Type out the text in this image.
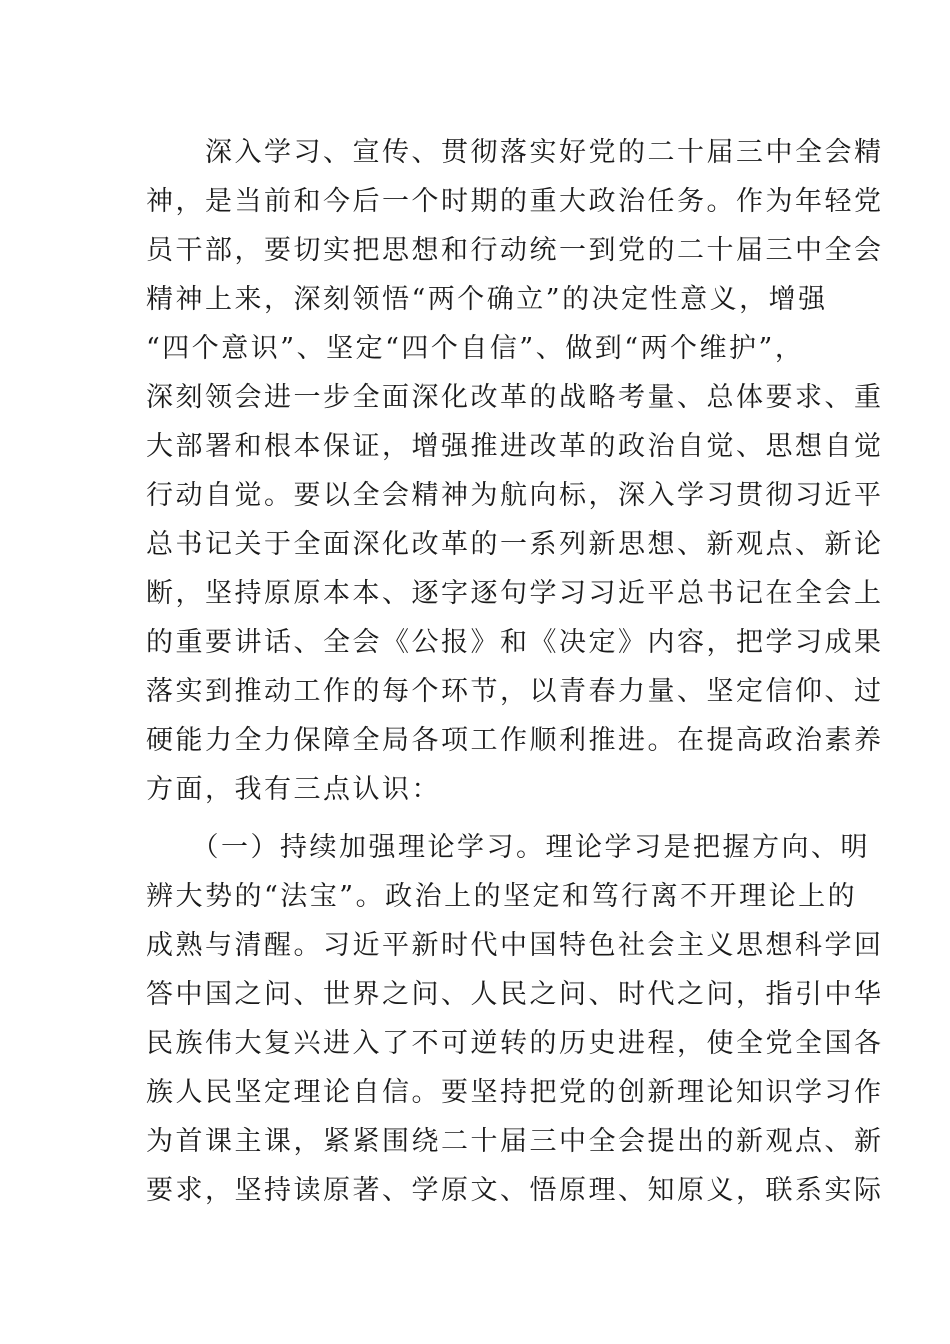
　　深入学习、宣传、贯彻落实好党的二十届三中全会精
神，是当前和今后一个时期的重大政治任务。作为年轻党
员干部，要切实把思想和行动统一到党的二十届三中全会
精神上来，深刻领悟“两个确立”的决定性意义，增强
“四个意识”、坚定“四个自信”、做到“两个维护”，
深刻领会进一步全面深化改革的战略考量、总体要求、重
大部署和根本保证，增强推进改革的政治自觉、思想自觉
行动自觉。要以全会精神为航向标，深入学习贯彻习近平
总书记关于全面深化改革的一系列新思想、新观点、新论
断，坚持原原本本、逐字逐句学习习近平总书记在全会上
的重要讲话、全会《公报》和《决定》内容，把学习成果
落实到推动工作的每个环节，以青春力量、坚定信仰、过
硬能力全力保障全局各项工作顺利推进。在提高政治素养
方面，我有三点认识：

　　（一）持续加强理论学习。理论学习是把握方向、明
辨大势的“法宝”。政治上的坚定和笃行离不开理论上的
成熟与清醒。习近平新时代中国特色社会主义思想科学回
答中国之问、世界之问、人民之问、时代之问，指引中华
民族伟大复兴进入了不可逆转的历史进程，使全党全国各
族人民坚定理论自信。要坚持把党的创新理论知识学习作
为首课主课，紧紧围绕二十届三中全会提出的新观点、新
要求，坚持读原著、学原文、悟原理、知原义，联系实际
